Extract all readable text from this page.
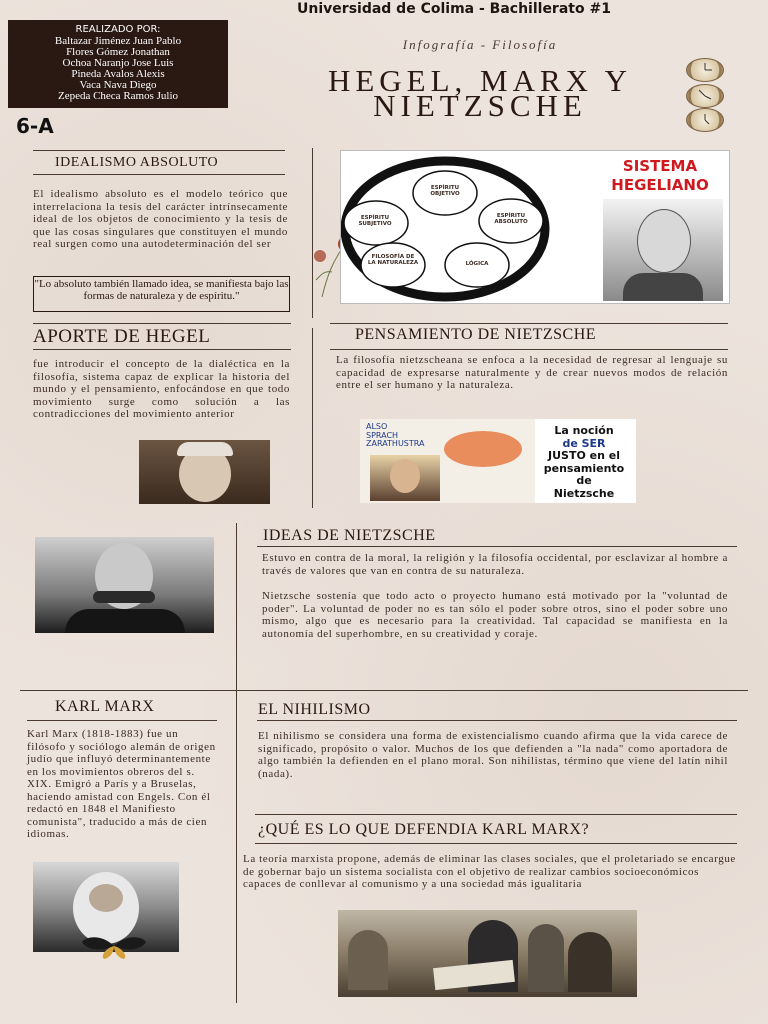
Universidad de Colima - Bachillerato #1
REALIZADO POR:
Baltazar Jiménez Juan Pablo
Flores Gómez Jonathan
Ochoa Naranjo Jose Luis
Pineda Avalos Alexis
Vaca Nava Diego
Zepeda Checa Ramos Julio
6-A
Infografía - Filosofía
HEGEL, MARX Y
NIETZSCHE
IDEALISMO ABSOLUTO
El idealismo absoluto es el modelo teórico que interrelaciona la tesis del carácter intrínsecamente ideal de los objetos de conocimiento y la tesis de que las cosas singulares que constituyen el mundo real surgen como una autodeterminación del ser
"Lo absoluto también llamado idea, se manifiesta bajo las formas de naturaleza y de espíritu."
ESPÍRITU OBJETIVO
ESPÍRITU SUBJETIVO
ESPÍRITU ABSOLUTO
FILOSOFÍA DE LA NATURALEZA	LÓGICA
SISTEMA
HEGELIANO
APORTE DE HEGEL
fue introducir el concepto de la dialéctica en la filosofía, sistema capaz de explicar la historia del mundo y el pensamiento, enfocándose en que todo movimiento surge como solución a las contradicciones del movimiento anterior
PENSAMIENTO DE NIETZSCHE
La filosofía nietzscheana se enfoca a la necesidad de regresar al lenguaje su capacidad de expresarse naturalmente y de crear nuevos modos de relación entre el ser humano y la naturaleza.
ALSO
SPRACH
ZARATHUSTRA
La noción
de SER
JUSTO en el
pensamiento
de
Nietzsche
IDEAS DE NIETZSCHE
Estuvo en contra de la moral, la religión y la filosofía occidental, por esclavizar al hombre a través de valores que van en contra de su naturaleza.
Nietzsche sostenía que todo acto o proyecto humano está motivado por la "voluntad de poder". La voluntad de poder no es tan sólo el poder sobre otros, sino el poder sobre uno mismo, algo que es necesario para la creatividad. Tal capacidad se manifiesta en la autonomía del superhombre, en su creatividad y coraje.
KARL MARX
Karl Marx (1818-1883) fue un filósofo y sociólogo alemán de origen judío que influyó determinantemente en los movimientos obreros del s. XIX. Emigró a París y a Bruselas, haciendo amistad con Engels. Con él redactó en 1848 el Manifiesto comunista", traducido a más de cien idiomas.
EL NIHILISMO
El nihilismo se considera una forma de existencialismo cuando afirma que la vida carece de significado, propósito o valor. Muchos de los que defienden a "la nada" como aportadora de algo también la defienden en el plano moral. Son nihilistas, término que viene del latín nihil (nada).
¿QUÉ ES LO QUE DEFENDIA KARL MARX?
La teoría marxista propone, además de eliminar las clases sociales, que el proletariado se encargue de gobernar bajo un sistema socialista con el objetivo de realizar cambios socioeconómicos capaces de conllevar al comunismo y a una sociedad más igualitaria
